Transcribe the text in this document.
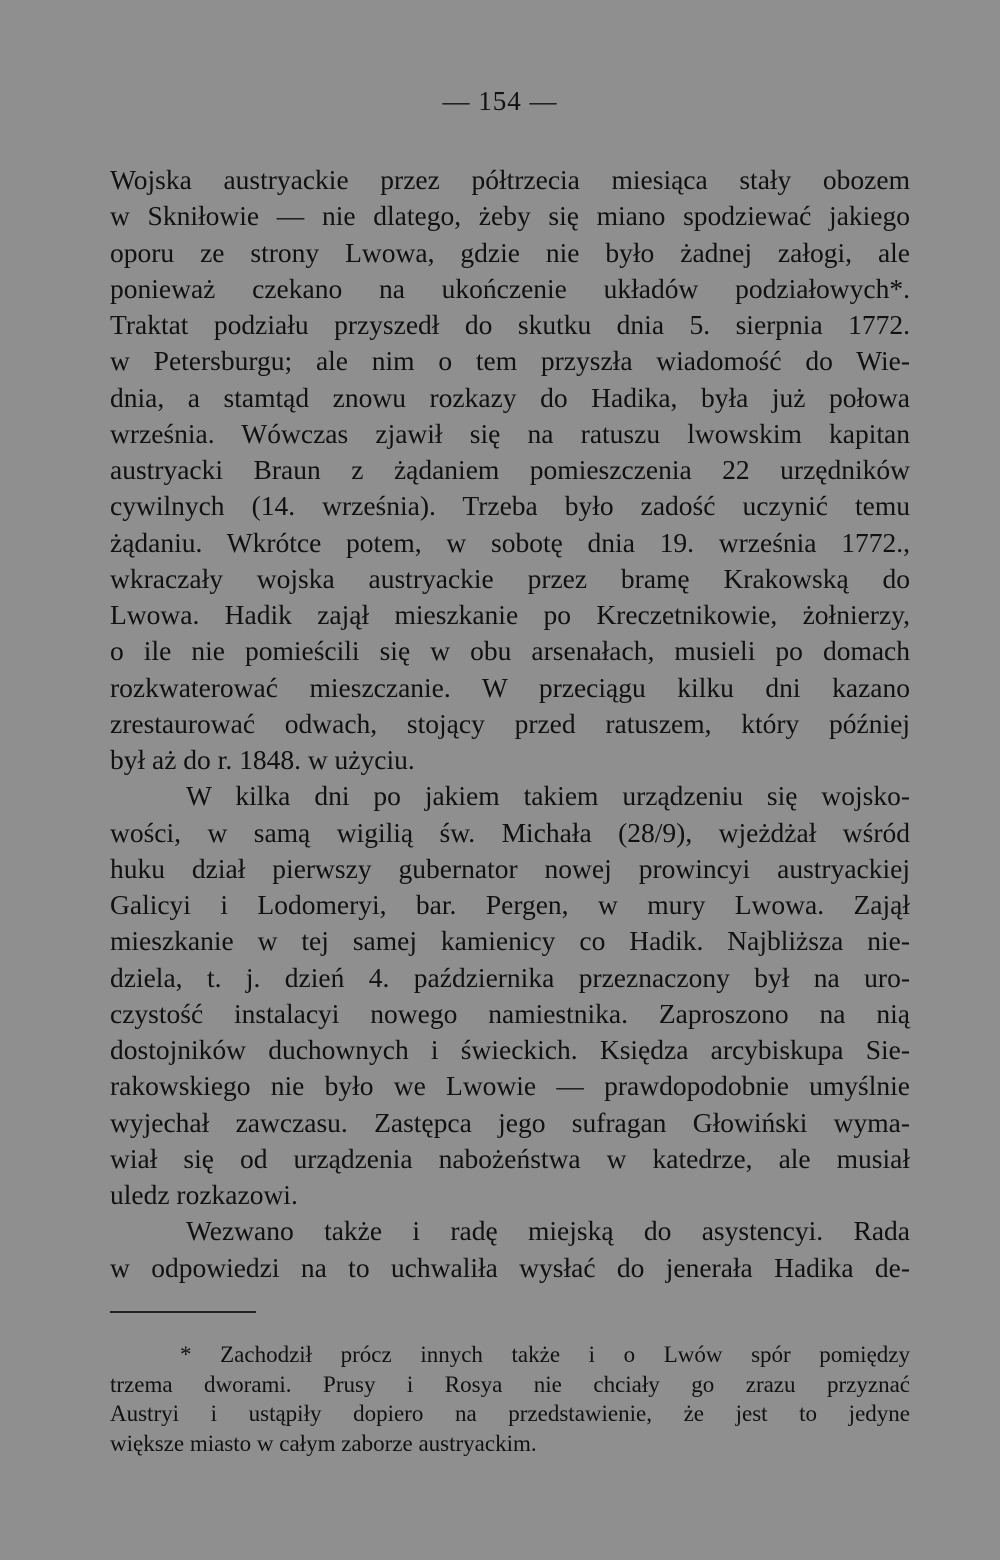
— 154 —
Wojska austryackie przez półtrzecia miesiąca stały obozem
w Skniłowie — nie dlatego, żeby się miano spodziewać jakiego
oporu ze strony Lwowa, gdzie nie było żadnej załogi, ale
ponieważ czekano na ukończenie układów podziałowych*.
Traktat podziału przyszedł do skutku dnia 5. sierpnia 1772.
w Petersburgu; ale nim o tem przyszła wiadomość do Wie-
dnia, a stamtąd znowu rozkazy do Hadika, była już połowa
września. Wówczas zjawił się na ratuszu lwowskim kapitan
austryacki Braun z żądaniem pomieszczenia 22 urzędników
cywilnych (14. września). Trzeba było zadość uczynić temu
żądaniu. Wkrótce potem, w sobotę dnia 19. września 1772.,
wkraczały wojska austryackie przez bramę Krakowską do
Lwowa. Hadik zajął mieszkanie po Kreczetnikowie, żołnierzy,
o ile nie pomieścili się w obu arsenałach, musieli po domach
rozkwaterować mieszczanie. W przeciągu kilku dni kazano
zrestaurować odwach, stojący przed ratuszem, który później
był aż do r. 1848. w użyciu.
W kilka dni po jakiem takiem urządzeniu się wojsko-
wości, w samą wigilią św. Michała (28/9), wjeżdżał wśród
huku dział pierwszy gubernator nowej prowincyi austryackiej
Galicyi i Lodomeryi, bar. Pergen, w mury Lwowa. Zajął
mieszkanie w tej samej kamienicy co Hadik. Najbliższa nie-
dziela, t. j. dzień 4. października przeznaczony był na uro-
czystość instalacyi nowego namiestnika. Zaproszono na nią
dostojników duchownych i świeckich. Księdza arcybiskupa Sie-
rakowskiego nie było we Lwowie — prawdopodobnie umyślnie
wyjechał zawczasu. Zastępca jego sufragan Głowiński wyma-
wiał się od urządzenia nabożeństwa w katedrze, ale musiał
uledz rozkazowi.
Wezwano także i radę miejską do asystencyi. Rada
w odpowiedzi na to uchwaliła wysłać do jenerała Hadika de-
* Zachodził prócz innych także i o Lwów spór pomiędzy
trzema dworami. Prusy i Rosya nie chciały go zrazu przyznać
Austryi i ustąpiły dopiero na przedstawienie, że jest to jedyne
większe miasto w całym zaborze austryackim.
